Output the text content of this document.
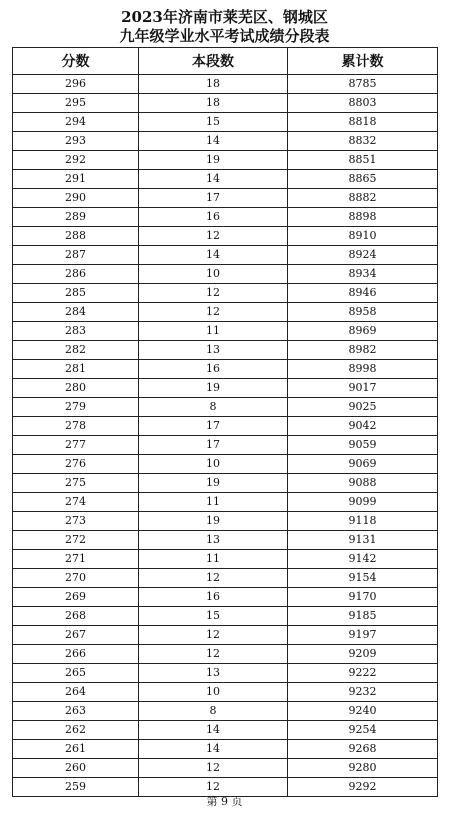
2023年济南市莱芜区、钢城区
九年级学业水平考试成绩分段表
分数	本段数	累计数
296	18	8785
295	18	8803
294	15	8818
293	14	8832
292	19	8851
291	14	8865
290	17	8882
289	16	8898
288	12	8910
287	14	8924
286	10	8934
285	12	8946
284	12	8958
283	11	8969
282	13	8982
281	16	8998
280	19	9017
279	8	9025
278	17	9042
277	17	9059
276	10	9069
275	19	9088
274	11	9099
273	19	9118
272	13	9131
271	11	9142
270	12	9154
269	16	9170
268	15	9185
267	12	9197
266	12	9209
265	13	9222
264	10	9232
263	8	9240
262	14	9254
261	14	9268
260	12	9280
259	12	9292
第 9 页
